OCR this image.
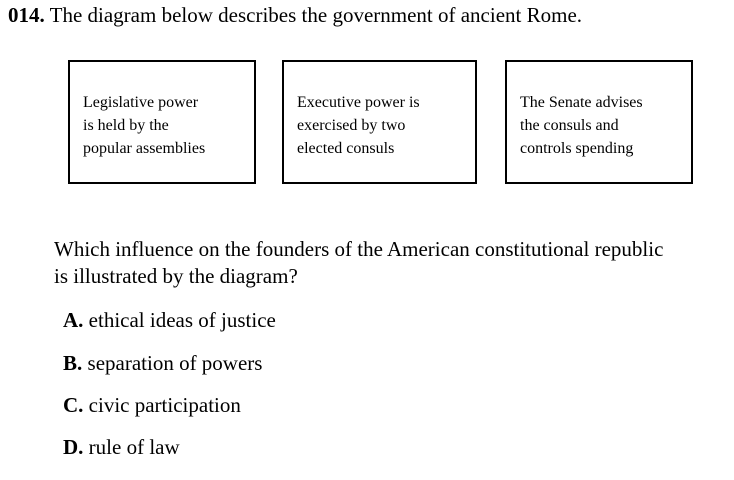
014. The diagram below describes the government of ancient Rome.
Legislative power
is held by the
popular assemblies
Executive power is
exercised by two
elected consuls
The Senate advises
the consuls and
controls spending
Which influence on the founders of the American constitutional republic
is illustrated by the diagram?
A. ethical ideas of justice
B. separation of powers
C. civic participation
D. rule of law
